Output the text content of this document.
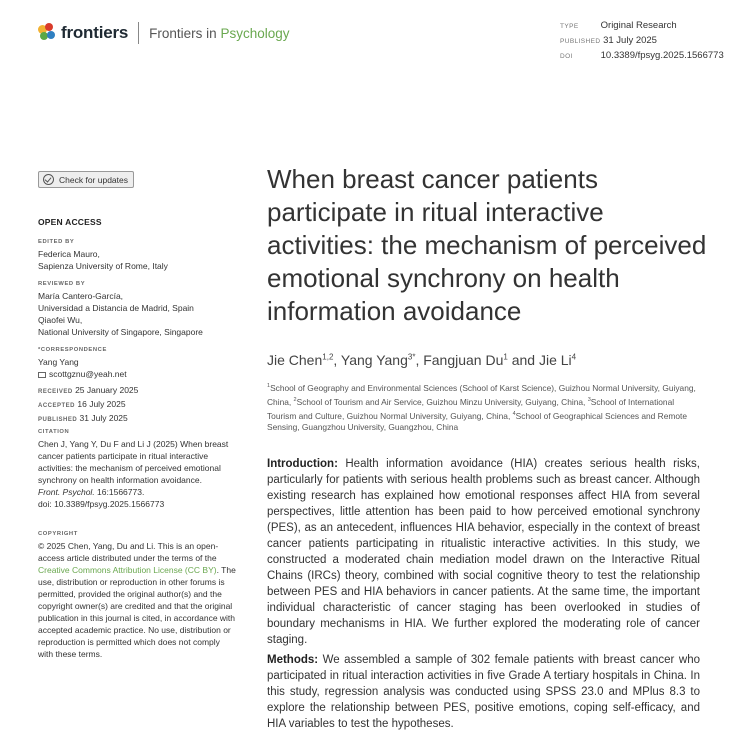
frontiers Frontiers in Psychology	TYPE Original Research
PUBLISHED 31 July 2025
DOI	10.3389/fpsyg.2025.1566773
Check for updates
OPEN ACCESS
EDITED BY
Federica Mauro,
Sapienza University of Rome, Italy
REVIEWED BY
María Cantero-García,
Universidad a Distancia de Madrid, Spain
Qiaofei Wu,
National University of Singapore, Singapore
*CORRESPONDENCE
Yang Yang
scottgznu@yeah.net
RECEIVED 25 January 2025
ACCEPTED 16 July 2025
PUBLISHED 31 July 2025
CITATION
Chen J, Yang Y, Du F and Li J (2025) When breast cancer patients participate in ritual interactive activities: the mechanism of perceived emotional synchrony on health information avoidance.
Front. Psychol. 16:1566773.
doi: 10.3389/fpsyg.2025.1566773
COPYRIGHT
© 2025 Chen, Yang, Du and Li. This is an open-access article distributed under the terms of the Creative Commons Attribution License (CC BY). The use, distribution or reproduction in other forums is permitted, provided the original author(s) and the copyright owner(s) are credited and that the original publication in this journal is cited, in accordance with accepted academic practice. No use, distribution or reproduction is permitted which does not comply with these terms.
When breast cancer patients participate in ritual interactive activities: the mechanism of perceived emotional synchrony on health information avoidance
Jie Chen$^{1,2}$, Yang Yang$^{3*}$, Fangjuan Du$^1$ and Jie Li$^4$
$^1$School of Geography and Environmental Sciences (School of Karst Science), Guizhou Normal University, Guiyang, China, $^2$School of Tourism and Air Service, Guizhou Minzu University, Guiyang, China, $^3$School of International Tourism and Culture, Guizhou Normal University, Guiyang, China, $^4$School of Geographical Sciences and Remote Sensing, Guangzhou University, Guangzhou, China

Introduction: Health information avoidance (HIA) creates serious health risks, particularly for patients with serious health problems such as breast cancer. Although existing research has explained how emotional responses affect HIA from several perspectives, little attention has been paid to how perceived emotional synchrony (PES), as an antecedent, influences HIA behavior, especially in the context of breast cancer patients participating in ritualistic interactive activities. In this study, we constructed a moderated chain mediation model drawn on the Interactive Ritual Chains (IRCs) theory, combined with social cognitive theory to test the relationship between PES and HIA behaviors in cancer patients. At the same time, the important individual characteristic of cancer staging has been overlooked in studies of boundary mechanisms in HIA. We further explored the moderating role of cancer staging.

Methods: We assembled a sample of 302 female patients with breast cancer who participated in ritual interaction activities in five Grade A tertiary hospitals in China. In this study, regression analysis was conducted using SPSS 23.0 and MPlus 8.3 to explore the relationship between PES, positive emotions, coping self-efficacy, and HIA variables to test the hypotheses.
